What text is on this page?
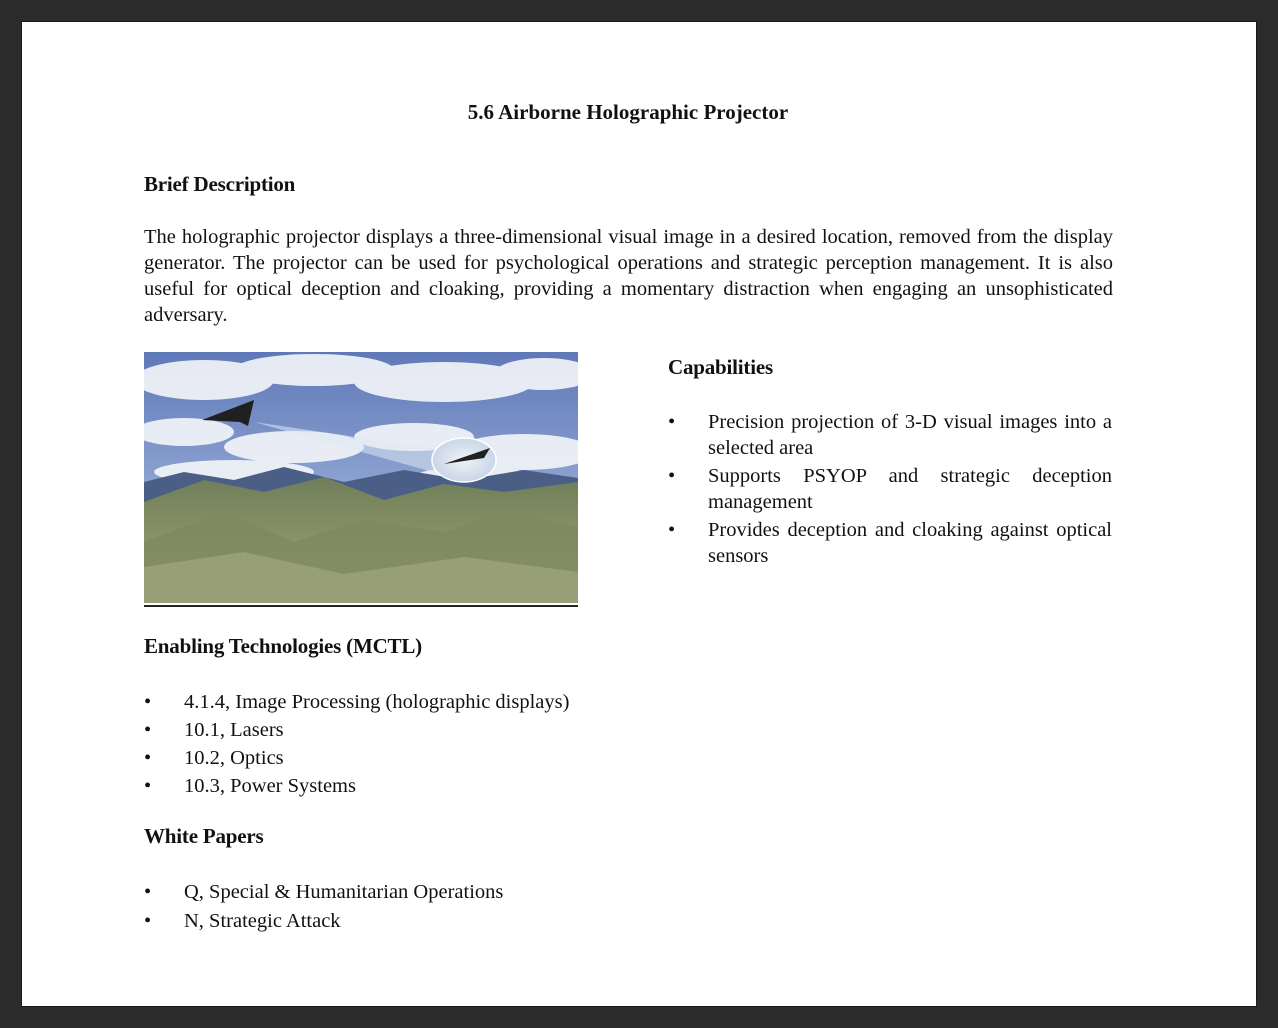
5.6 Airborne Holographic Projector
Brief Description
The holographic projector displays a three-dimensional visual image in a desired location, removed from the display generator. The projector can be used for psychological operations and strategic perception management. It is also useful for optical deception and cloaking, providing a momentary distraction when engaging an unsophisticated adversary.
Capabilities
• Precision projection of 3-D visual images into a selected area
• Supports PSYOP and strategic deception management
• Provides deception and cloaking against optical sensors
Enabling Technologies (MCTL)
• 4.1.4, Image Processing (holographic displays)
• 10.1, Lasers
• 10.2, Optics
• 10.3, Power Systems
White Papers
• Q, Special & Humanitarian Operations
• N, Strategic Attack
